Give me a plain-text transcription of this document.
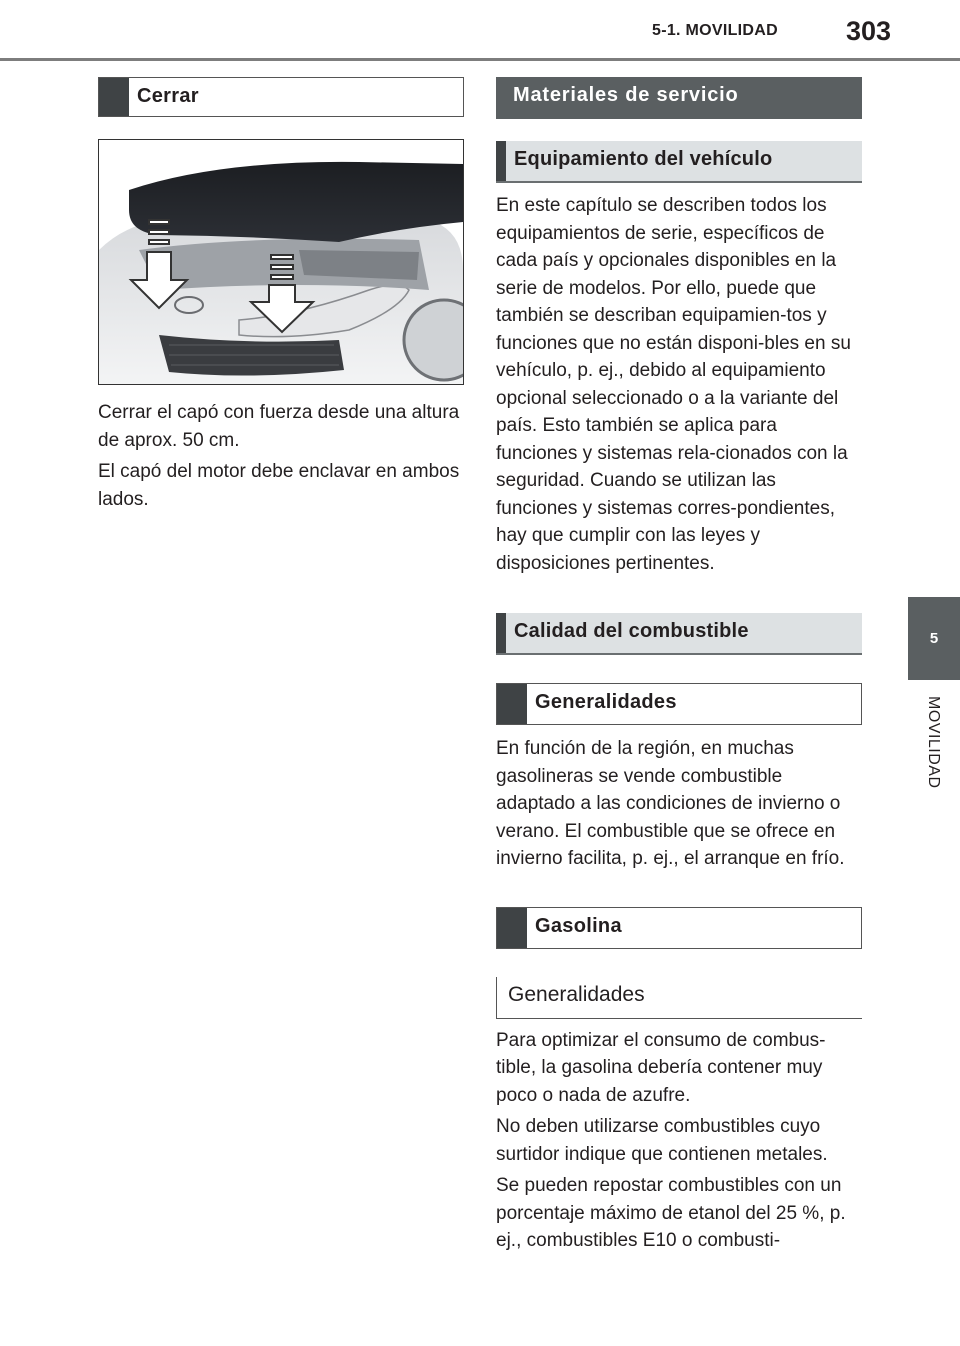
5-1. MOVILIDAD	303
5
MOVILIDAD
Cerrar

Cerrar el capó con fuerza desde una altura de aprox. 50 cm.

El capó del motor debe enclavar en ambos lados.

Materiales de servicio
Equipamiento del vehículo

En este capítulo se describen todos los equipamientos de serie, específicos de cada país y opcionales disponibles en la serie de modelos. Por ello, puede que también se describan equipamien-tos y funciones que no están disponi-bles en su vehículo, p. ej., debido al equipamiento opcional seleccionado o a la variante del país. Esto también se aplica para funciones y sistemas rela-cionados con la seguridad. Cuando se utilizan las funciones y sistemas corres-pondientes, hay que cumplir con las leyes y disposiciones pertinentes.

Calidad del combustible
Generalidades

En función de la región, en muchas gasolineras se vende combustible adaptado a las condiciones de invierno o verano. El combustible que se ofrece en invierno facilita, p. ej., el arranque en frío.

Gasolina
Generalidades

Para optimizar el consumo de combus-tible, la gasolina debería contener muy poco o nada de azufre.

No deben utilizarse combustibles cuyo surtidor indique que contienen metales.

Se pueden repostar combustibles con un porcentaje máximo de etanol del 25 %, p. ej., combustibles E10 o combusti-
